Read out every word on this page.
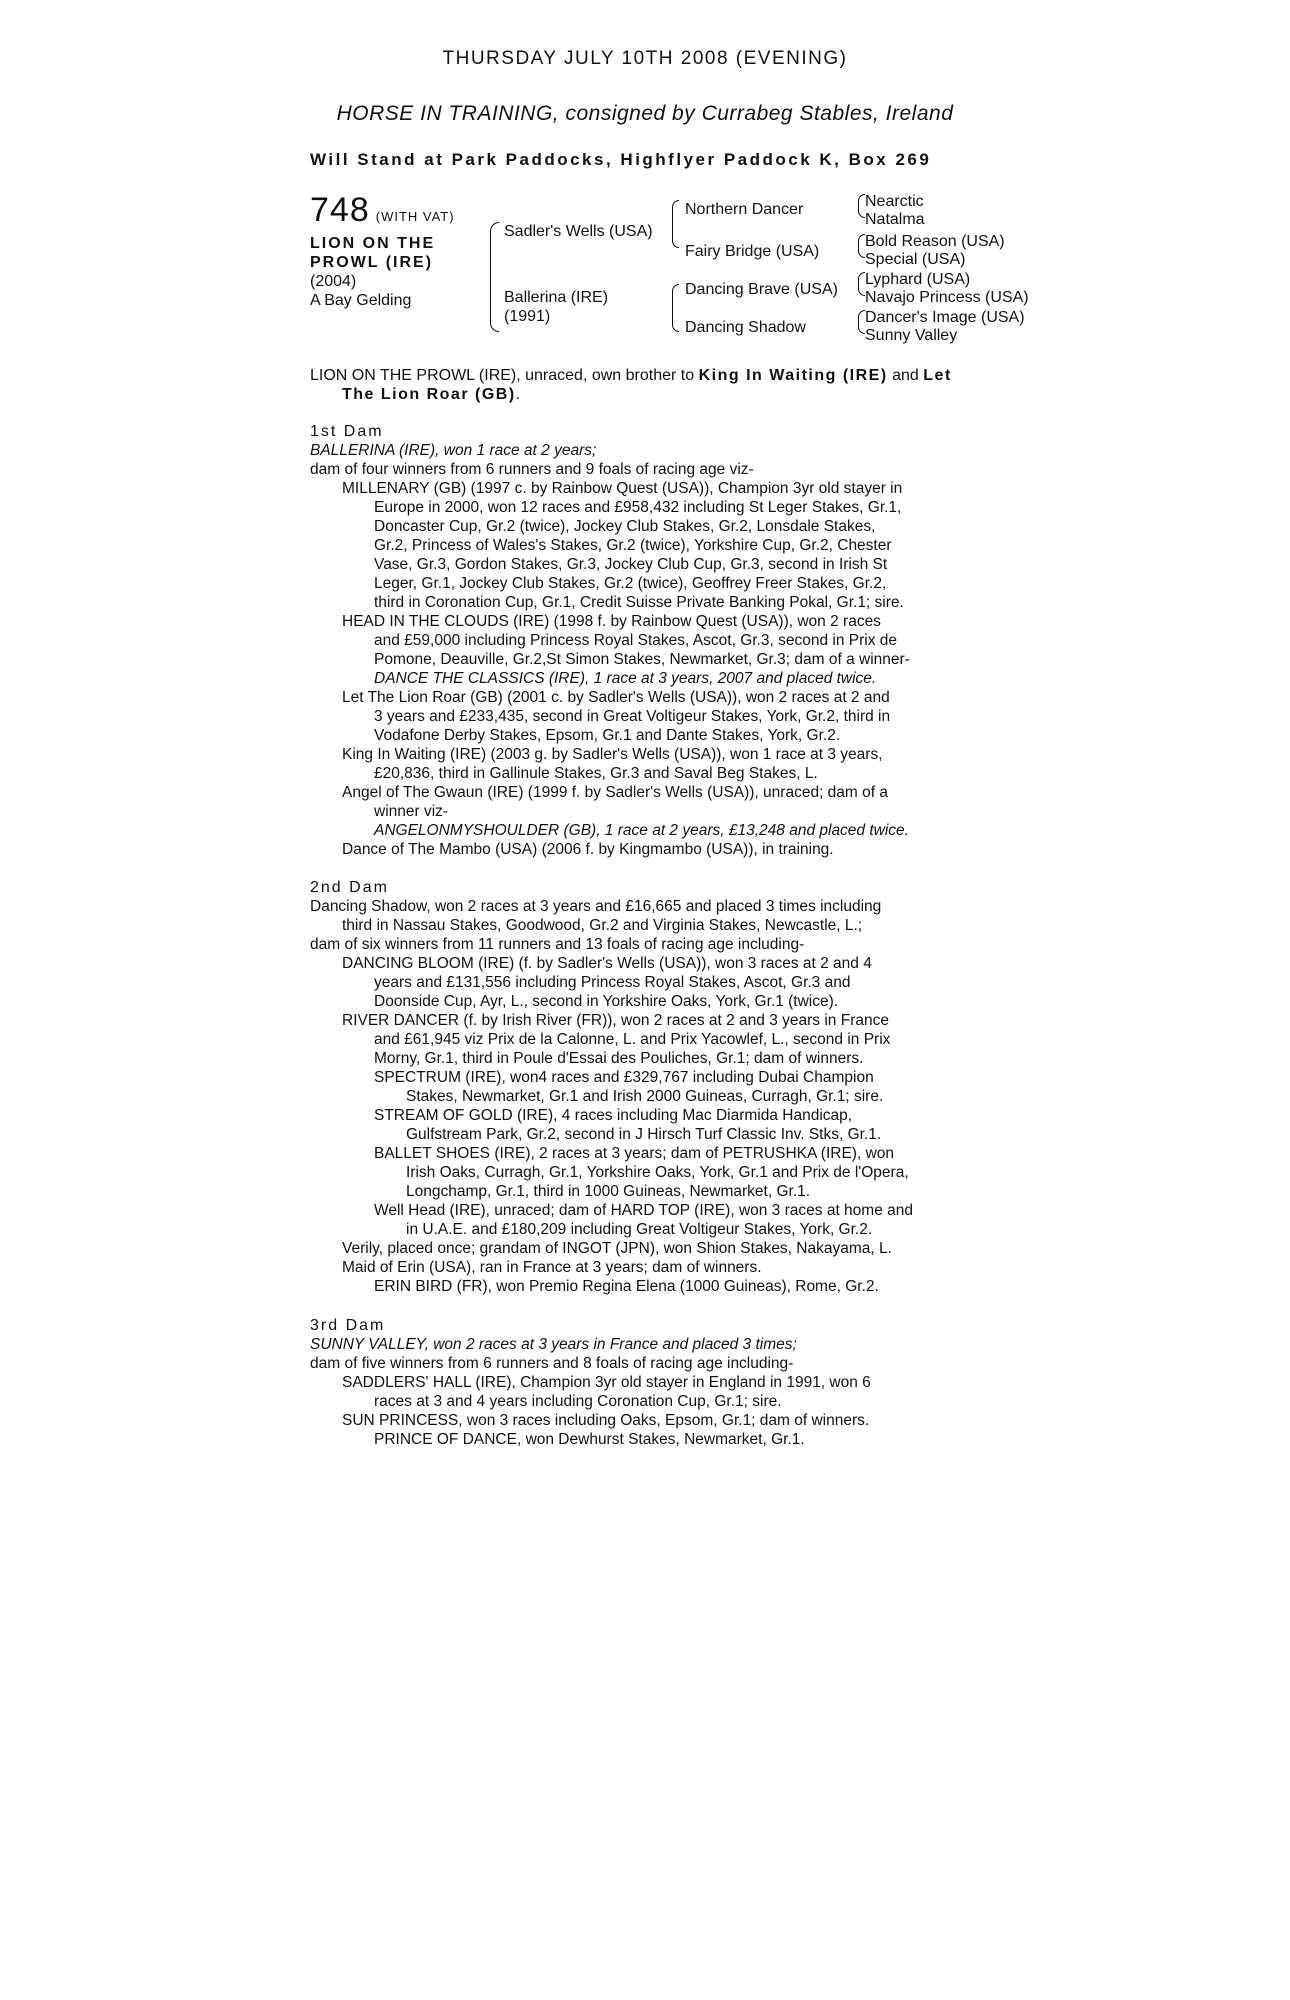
THURSDAY JULY 10TH 2008 (EVENING)
HORSE IN TRAINING, consigned by Currabeg Stables, Ireland
Will Stand at Park Paddocks, Highflyer Paddock K, Box 269
748 (WITH VAT)
LION ON THE
PROWL (IRE)
(2004)
A Bay Gelding
Sadler's Wells (USA)
Ballerina (IRE)
(1991)
Northern Dancer
Fairy Bridge (USA)
Dancing Brave (USA)
Dancing Shadow
Nearctic
Natalma
Bold Reason (USA)
Special (USA)
Lyphard (USA)
Navajo Princess (USA)
Dancer's Image (USA)
Sunny Valley
LION ON THE PROWL (IRE), unraced, own brother to King In Waiting (IRE) and Let
The Lion Roar (GB).
1st Dam
BALLERINA (IRE), won 1 race at 2 years;
dam of four winners from 6 runners and 9 foals of racing age viz-
MILLENARY (GB) (1997 c. by Rainbow Quest (USA)), Champion 3yr old stayer in
Europe in 2000, won 12 races and £958,432 including St Leger Stakes, Gr.1,
Doncaster Cup, Gr.2 (twice), Jockey Club Stakes, Gr.2, Lonsdale Stakes,
Gr.2, Princess of Wales's Stakes, Gr.2 (twice), Yorkshire Cup, Gr.2, Chester
Vase, Gr.3, Gordon Stakes, Gr.3, Jockey Club Cup, Gr.3, second in Irish St
Leger, Gr.1, Jockey Club Stakes, Gr.2 (twice), Geoffrey Freer Stakes, Gr.2,
third in Coronation Cup, Gr.1, Credit Suisse Private Banking Pokal, Gr.1; sire.
HEAD IN THE CLOUDS (IRE) (1998 f. by Rainbow Quest (USA)), won 2 races
and £59,000 including Princess Royal Stakes, Ascot, Gr.3, second in Prix de
Pomone, Deauville, Gr.2,St Simon Stakes, Newmarket, Gr.3; dam of a winner-
DANCE THE CLASSICS (IRE), 1 race at 3 years, 2007 and placed twice.
Let The Lion Roar (GB) (2001 c. by Sadler's Wells (USA)), won 2 races at 2 and
3 years and £233,435, second in Great Voltigeur Stakes, York, Gr.2, third in
Vodafone Derby Stakes, Epsom, Gr.1 and Dante Stakes, York, Gr.2.
King In Waiting (IRE) (2003 g. by Sadler's Wells (USA)), won 1 race at 3 years,
£20,836, third in Gallinule Stakes, Gr.3 and Saval Beg Stakes, L.
Angel of The Gwaun (IRE) (1999 f. by Sadler's Wells (USA)), unraced; dam of a
winner viz-
ANGELONMYSHOULDER (GB), 1 race at 2 years, £13,248 and placed twice.
Dance of The Mambo (USA) (2006 f. by Kingmambo (USA)), in training.
2nd Dam
Dancing Shadow, won 2 races at 3 years and £16,665 and placed 3 times including
third in Nassau Stakes, Goodwood, Gr.2 and Virginia Stakes, Newcastle, L.;
dam of six winners from 11 runners and 13 foals of racing age including-
DANCING BLOOM (IRE) (f. by Sadler's Wells (USA)), won 3 races at 2 and 4
years and £131,556 including Princess Royal Stakes, Ascot, Gr.3 and
Doonside Cup, Ayr, L., second in Yorkshire Oaks, York, Gr.1 (twice).
RIVER DANCER (f. by Irish River (FR)), won 2 races at 2 and 3 years in France
and £61,945 viz Prix de la Calonne, L. and Prix Yacowlef, L., second in Prix
Morny, Gr.1, third in Poule d'Essai des Pouliches, Gr.1; dam of winners.
SPECTRUM (IRE), won4 races and £329,767 including Dubai Champion
Stakes, Newmarket, Gr.1 and Irish 2000 Guineas, Curragh, Gr.1; sire.
STREAM OF GOLD (IRE), 4 races including Mac Diarmida Handicap,
Gulfstream Park, Gr.2, second in J Hirsch Turf Classic Inv. Stks, Gr.1.
BALLET SHOES (IRE), 2 races at 3 years; dam of PETRUSHKA (IRE), won
Irish Oaks, Curragh, Gr.1, Yorkshire Oaks, York, Gr.1 and Prix de l'Opera,
Longchamp, Gr.1, third in 1000 Guineas, Newmarket, Gr.1.
Well Head (IRE), unraced; dam of HARD TOP (IRE), won 3 races at home and
in U.A.E. and £180,209 including Great Voltigeur Stakes, York, Gr.2.
Verily, placed once; grandam of INGOT (JPN), won Shion Stakes, Nakayama, L.
Maid of Erin (USA), ran in France at 3 years; dam of winners.
ERIN BIRD (FR), won Premio Regina Elena (1000 Guineas), Rome, Gr.2.
3rd Dam
SUNNY VALLEY, won 2 races at 3 years in France and placed 3 times;
dam of five winners from 6 runners and 8 foals of racing age including-
SADDLERS' HALL (IRE), Champion 3yr old stayer in England in 1991, won 6
races at 3 and 4 years including Coronation Cup, Gr.1; sire.
SUN PRINCESS, won 3 races including Oaks, Epsom, Gr.1; dam of winners.
PRINCE OF DANCE, won Dewhurst Stakes, Newmarket, Gr.1.
